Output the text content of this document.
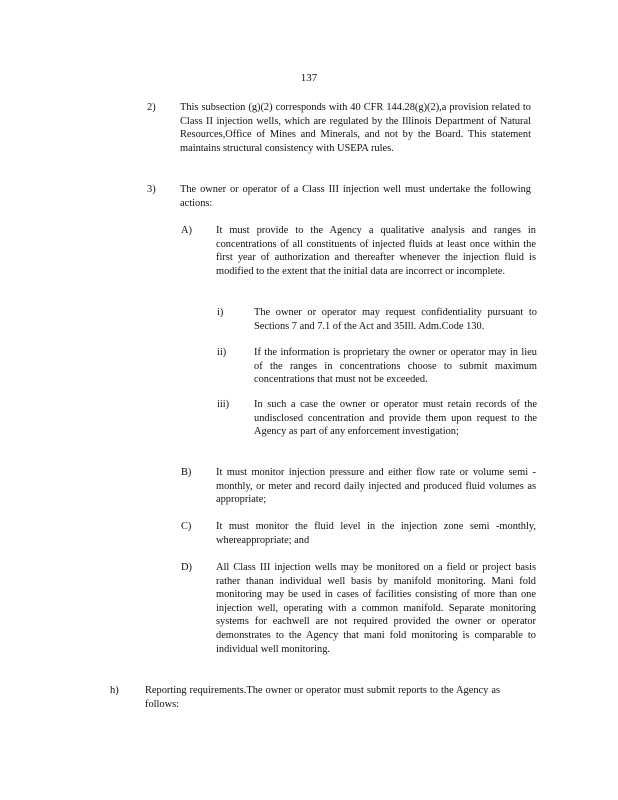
137
2) This subsection (g)(2) corresponds with 40 CFR 144.28(g)(2),a provision related to Class II injection wells, which are regulated by the Illinois Department of Natural Resources,Office of Mines and Minerals, and not by the Board. This statement maintains structural consistency with USEPA rules.
3) The owner or operator of a Class III injection well must undertake the following actions:
A) It must provide to the Agency a qualitative analysis and ranges in concentrations of all constituents of injected fluids at least once within the first year of authorization and thereafter whenever the injection fluid is modified to the extent that the initial data are incorrect or incomplete.
i)	The owner or operator may request confidentiality pursuant to Sections 7 and 7.1 of the Act and 35Ill. Adm.Code 130.
ii)	If the information is proprietary the owner or operator may in lieu of the ranges in concentrations choose to submit maximum concentrations that must not be exceeded.
iii) In such a case the owner or operator must retain records of the undisclosed concentration and provide them upon request to the Agency as part of any enforcement investigation;
B) It must monitor injection pressure and either flow rate or volume semi -monthly, or meter and record daily injected and produced fluid volumes as appropriate;
C) It must monitor the fluid level in the injection zone semi -monthly, whereappropriate; and
D) All Class III injection wells may be monitored on a field or project basis rather thanan individual well basis by manifold monitoring. Mani fold monitoring may be used in cases of facilities consisting of more than one injection well, operating with a common manifold. Separate monitoring systems for eachwell are not required provided the owner or operator demonstrates to the Agency that mani fold monitoring is comparable to individual well monitoring.
h)	Reporting requirements.The owner or operator must submit reports to the Agency as follows:
